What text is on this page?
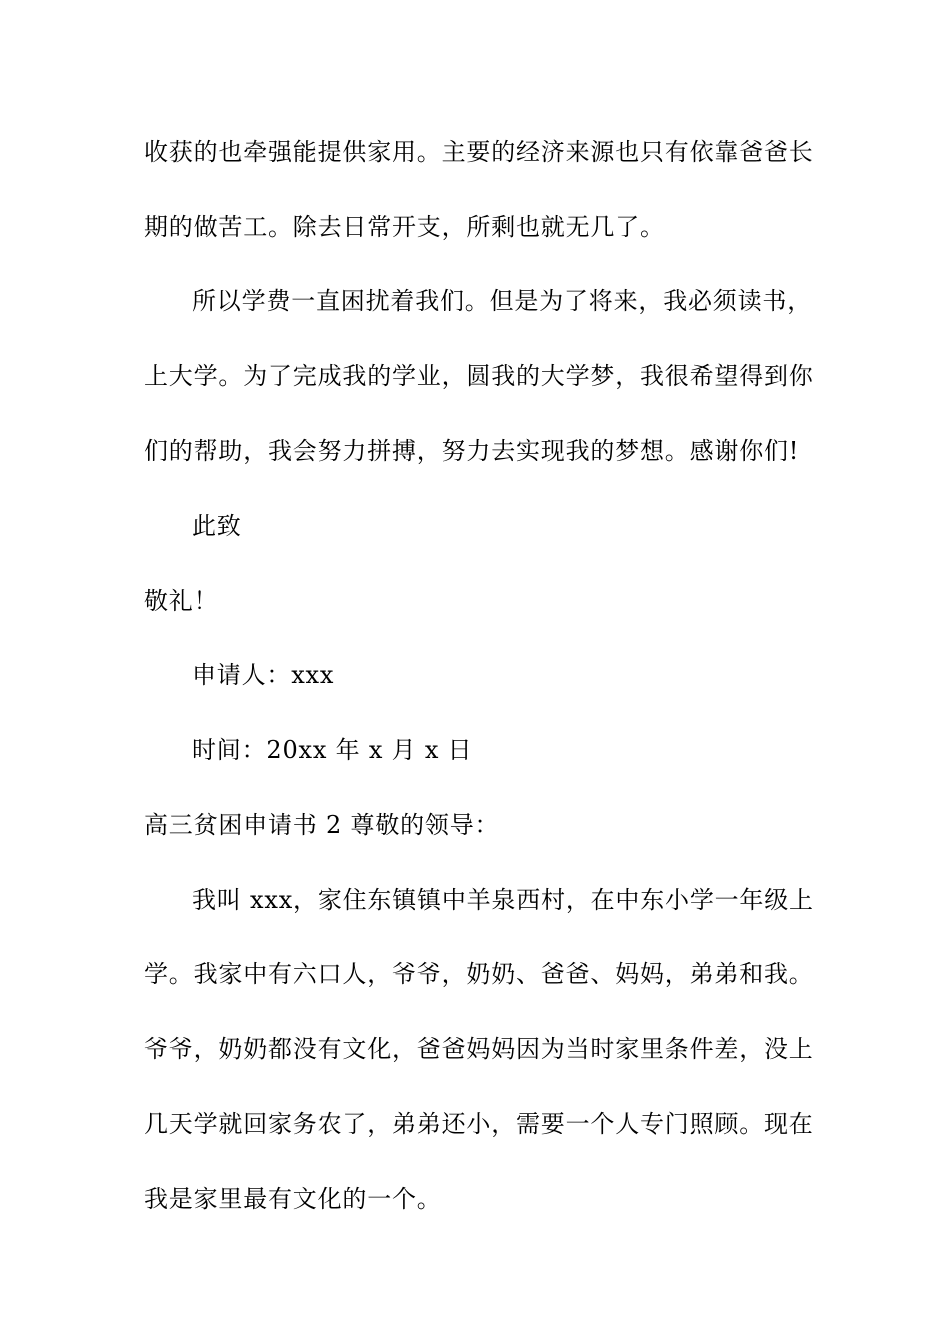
收获的也牵强能提供家用。主要的经济来源也只有依靠爸爸长
期的做苦工。除去日常开支，所剩也就无几了。
所以学费一直困扰着我们。但是为了将来，我必须读书，
上大学。为了完成我的学业，圆我的大学梦，我很希望得到你
们的帮助，我会努力拼搏，努力去实现我的梦想。感谢你们!
此致
敬礼！
申请人：xxx
时间：20xx 年 x 月 x 日
高三贫困申请书 2 尊敬的领导：
我叫 xxx，家住东镇镇中羊泉西村，在中东小学一年级上
学。我家中有六口人，爷爷，奶奶、爸爸、妈妈，弟弟和我。
爷爷，奶奶都没有文化，爸爸妈妈因为当时家里条件差，没上
几天学就回家务农了，弟弟还小，需要一个人专门照顾。现在
我是家里最有文化的一个。
